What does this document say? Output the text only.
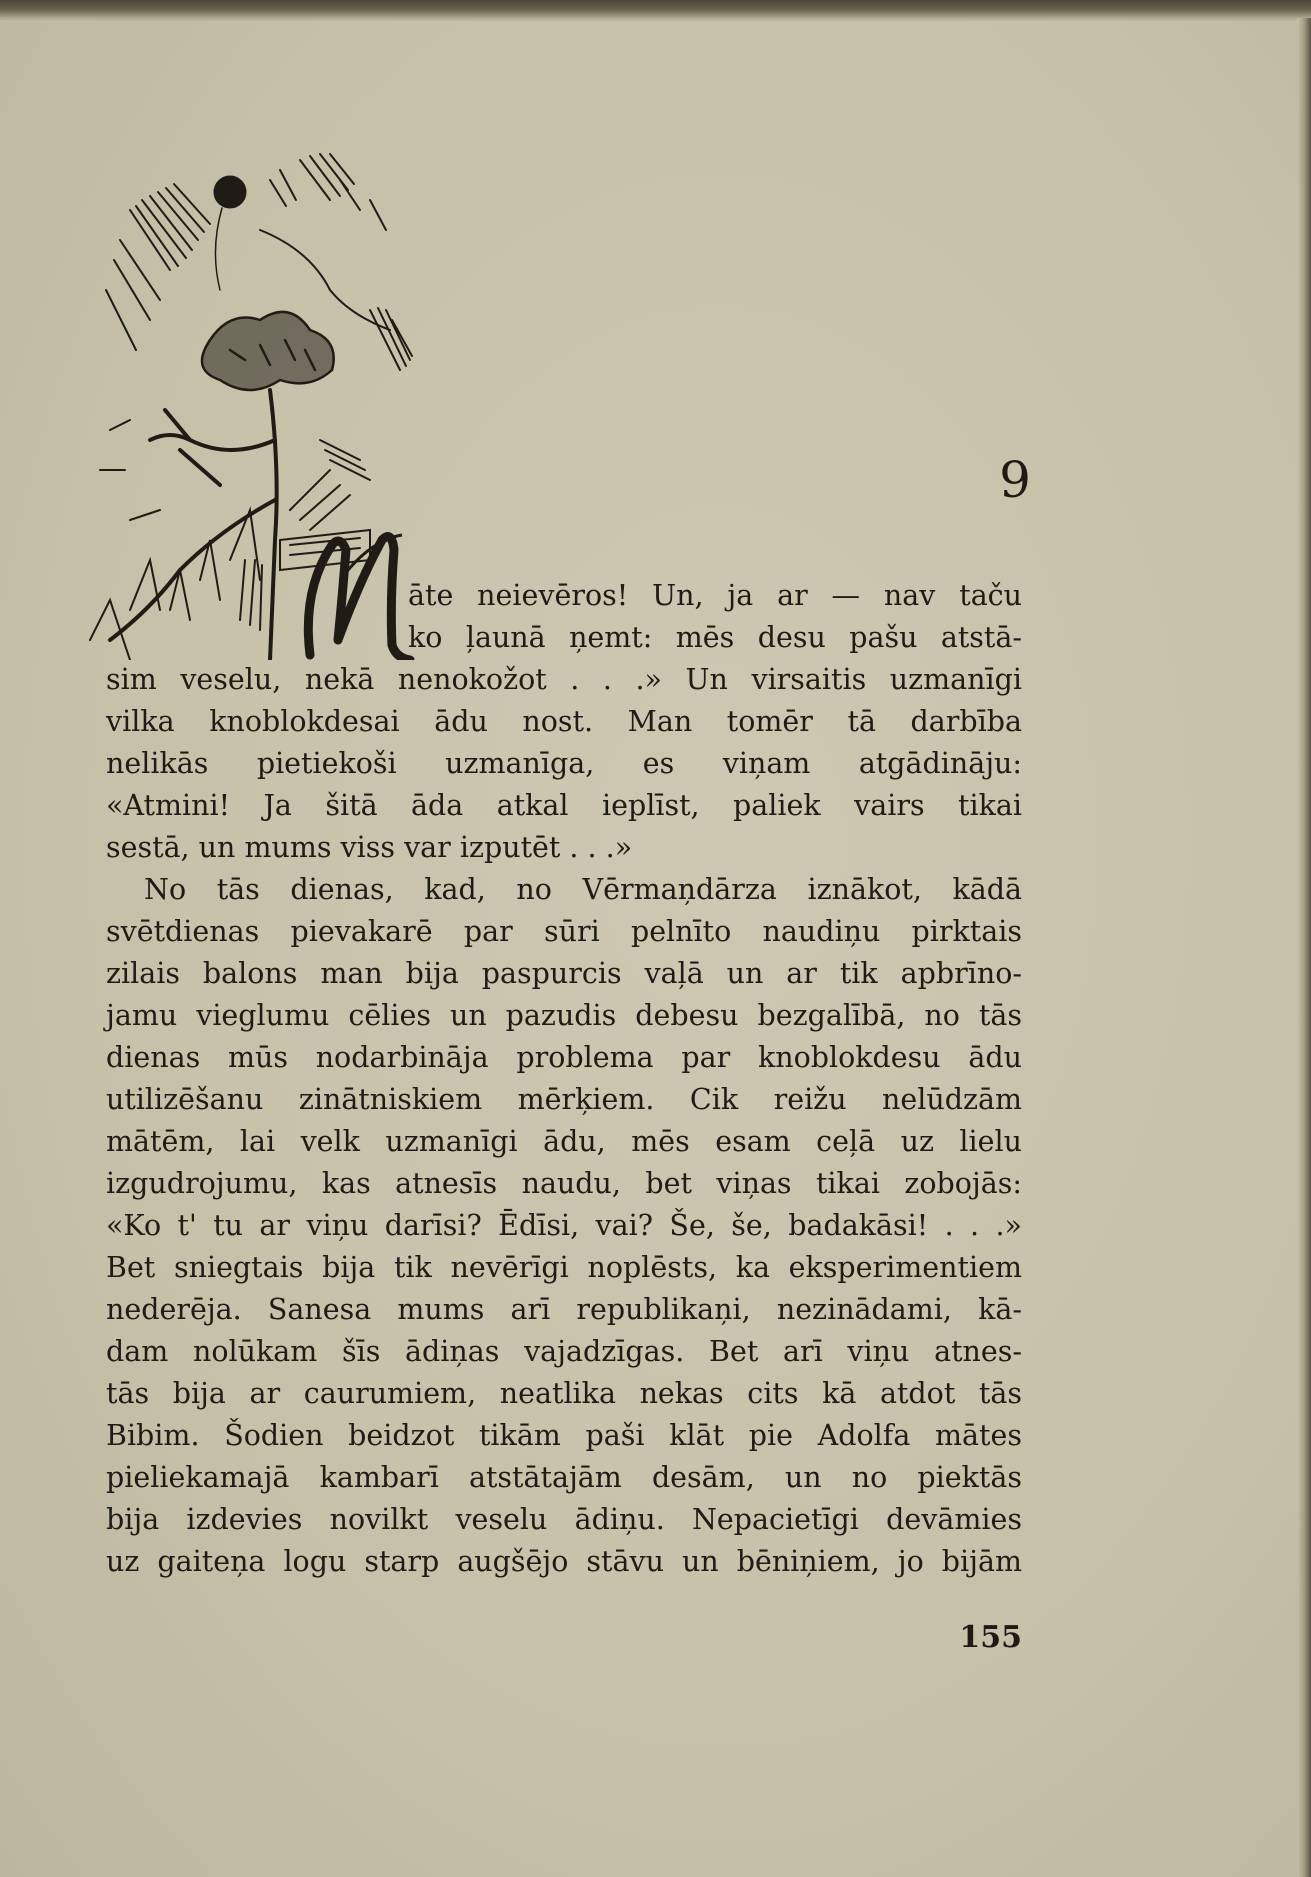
9
āte neievēros! Un, ja ar — nav taču
ko ļaunā ņemt: mēs desu pašu atstā-
sim veselu, nekā nenokožot . . .» Un virsaitis uzmanīgi
vilka knoblokdesai ādu nost. Man tomēr tā darbība
nelikās pietiekoši uzmanīga, es viņam atgādināju:
«Atmini! Ja šitā āda atkal ieplīst, paliek vairs tikai
sestā, un mums viss var izputēt . . .»
No tās dienas, kad, no Vērmaņdārza iznākot, kādā
svētdienas pievakarē par sūri pelnīto naudiņu pirktais
zilais balons man bija paspurcis vaļā un ar tik apbrīno-
jamu vieglumu cēlies un pazudis debesu bezgalībā, no tās
dienas mūs nodarbināja problema par knoblokdesu ādu
utilizēšanu zinātniskiem mērķiem. Cik reižu nelūdzām
mātēm, lai velk uzmanīgi ādu, mēs esam ceļā uz lielu
izgudrojumu, kas atnesīs naudu, bet viņas tikai zobojās:
«Ko t' tu ar viņu darīsi? Ēdīsi, vai? Še, še, badakāsi! . . .»
Bet sniegtais bija tik nevērīgi noplēsts, ka eksperimentiem
nederēja. Sanesa mums arī republikaņi, nezinādami, kā-
dam nolūkam šīs ādiņas vajadzīgas. Bet arī viņu atnes-
tās bija ar caurumiem, neatlika nekas cits kā atdot tās
Bibim. Šodien beidzot tikām paši klāt pie Adolfa mātes
pieliekamajā kambarī atstātajām desām, un no piektās
bija izdevies novilkt veselu ādiņu. Nepacietīgi devāmies
uz gaiteņa logu starp augšējo stāvu un bēniņiem, jo bijām
155
